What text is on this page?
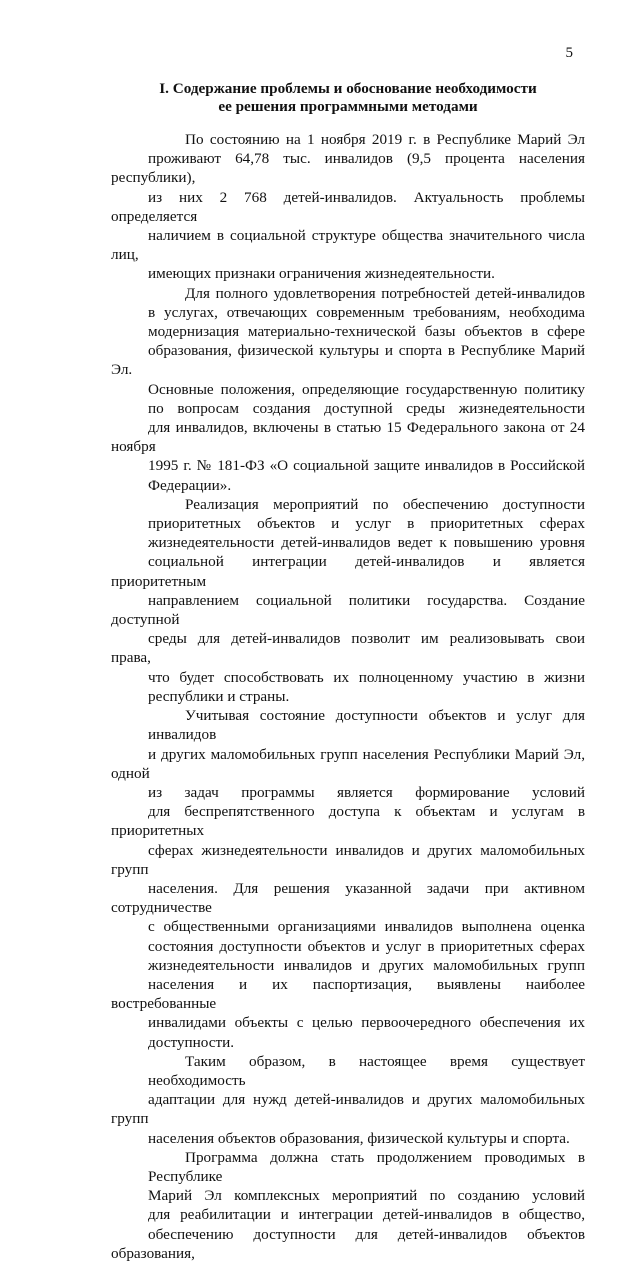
5
I. Содержание проблемы и обоснование необходимости
ее решения программными методами
По состоянию на 1 ноября 2019 г. в Республике Марий Эл
проживают 64,78 тыс. инвалидов (9,5 процента населения республики),
из них 2 768 детей-инвалидов. Актуальность проблемы определяется
наличием в социальной структуре общества значительного числа лиц,
имеющих признаки ограничения жизнедеятельности.
Для полного удовлетворения потребностей детей-инвалидов
в услугах, отвечающих современным требованиям, необходима
модернизация материально-технической базы объектов в сфере
образования, физической культуры и спорта в Республике Марий Эл.
Основные положения, определяющие государственную политику
по вопросам создания доступной среды жизнедеятельности
для инвалидов, включены в статью 15 Федерального закона от 24 ноября
1995 г. № 181-ФЗ «О социальной защите инвалидов в Российской
Федерации».
Реализация мероприятий по обеспечению доступности
приоритетных объектов и услуг в приоритетных сферах
жизнедеятельности детей-инвалидов ведет к повышению уровня
социальной интеграции детей-инвалидов и является приоритетным
направлением социальной политики государства. Создание доступной
среды для детей-инвалидов позволит им реализовывать свои права,
что будет способствовать их полноценному участию в жизни
республики и страны.
Учитывая состояние доступности объектов и услуг для инвалидов
и других маломобильных групп населения Республики Марий Эл, одной
из задач программы является формирование условий
для беспрепятственного доступа к объектам и услугам в приоритетных
сферах жизнедеятельности инвалидов и других маломобильных групп
населения. Для решения указанной задачи при активном сотрудничестве
с общественными организациями инвалидов выполнена оценка
состояния доступности объектов и услуг в приоритетных сферах
жизнедеятельности инвалидов и других маломобильных групп
населения и их паспортизация, выявлены наиболее востребованные
инвалидами объекты с целью первоочередного обеспечения их
доступности.
Таким образом, в настоящее время существует необходимость
адаптации для нужд детей-инвалидов и других маломобильных групп
населения объектов образования, физической культуры и спорта.
Программа должна стать продолжением проводимых в Республике
Марий Эл комплексных мероприятий по созданию условий
для реабилитации и интеграции детей-инвалидов в общество,
обеспечению доступности для детей-инвалидов объектов образования,
